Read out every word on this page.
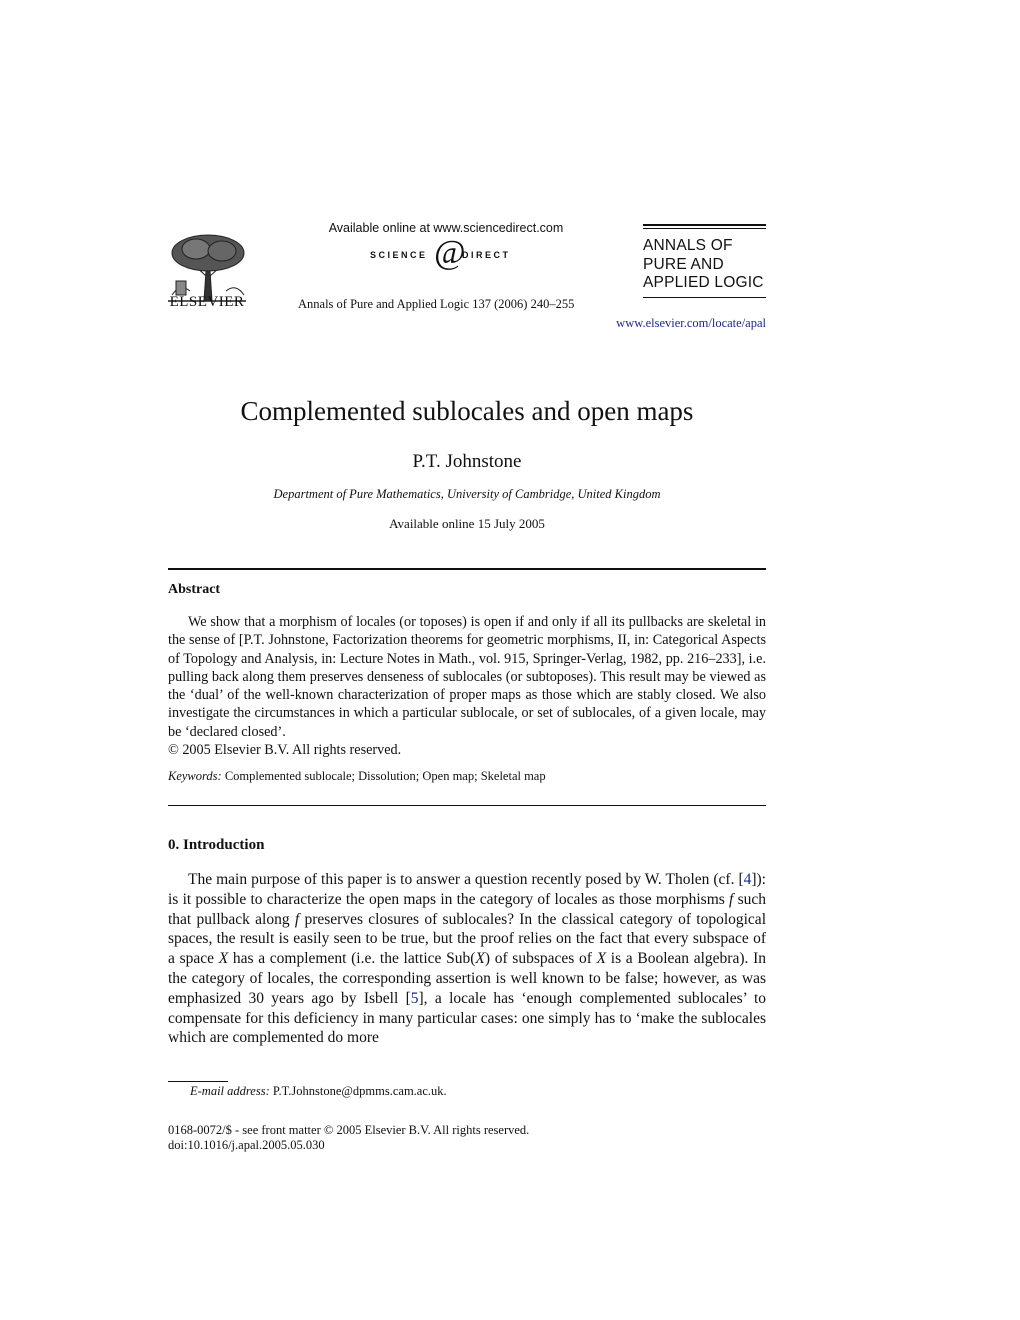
ELSEVIER
Available online at www.sciencedirect.com
SCIENCE @
DIRECT
Annals of Pure and Applied Logic 137 (2006) 240–255
ANNALS OF
PURE AND
APPLIED LOGIC
www.elsevier.com/locate/apal
Complemented sublocales and open maps
P.T. Johnstone
Department of Pure Mathematics, University of Cambridge, United Kingdom
Available online 15 July 2005
Abstract

We show that a morphism of locales (or toposes) is open if and only if all its pullbacks are skeletal in the sense of [P.T. Johnstone, Factorization theorems for geometric morphisms, II, in: Categorical Aspects of Topology and Analysis, in: Lecture Notes in Math., vol. 915, Springer-Verlag, 1982, pp. 216–233], i.e. pulling back along them preserves denseness of sublocales (or subtoposes). This result may be viewed as the ‘dual’ of the well-known characterization of proper maps as those which are stably closed. We also investigate the circumstances in which a particular sublocale, or set of sublocales, of a given locale, may be ‘declared closed’.

© 2005 Elsevier B.V. All rights reserved.
Keywords: Complemented sublocale; Dissolution; Open map; Skeletal map
0. Introduction

The main purpose of this paper is to answer a question recently posed by W. Tholen (cf. [4]): is it possible to characterize the open maps in the category of locales as those morphisms f such that pullback along f preserves closures of sublocales? In the classical category of topological spaces, the result is easily seen to be true, but the proof relies on the fact that every subspace of a space X has a complement (i.e. the lattice Sub(X) of subspaces of X is a Boolean algebra). In the category of locales, the corresponding assertion is well known to be false; however, as was emphasized 30 years ago by Isbell [5], a locale has ‘enough complemented sublocales’ to compensate for this deficiency in many particular cases: one simply has to ‘make the sublocales which are complemented do more

E-mail address: P.T.Johnstone@dpmms.cam.ac.uk.
0168-0072/$ - see front matter © 2005 Elsevier B.V. All rights reserved.
doi:10.1016/j.apal.2005.05.030
